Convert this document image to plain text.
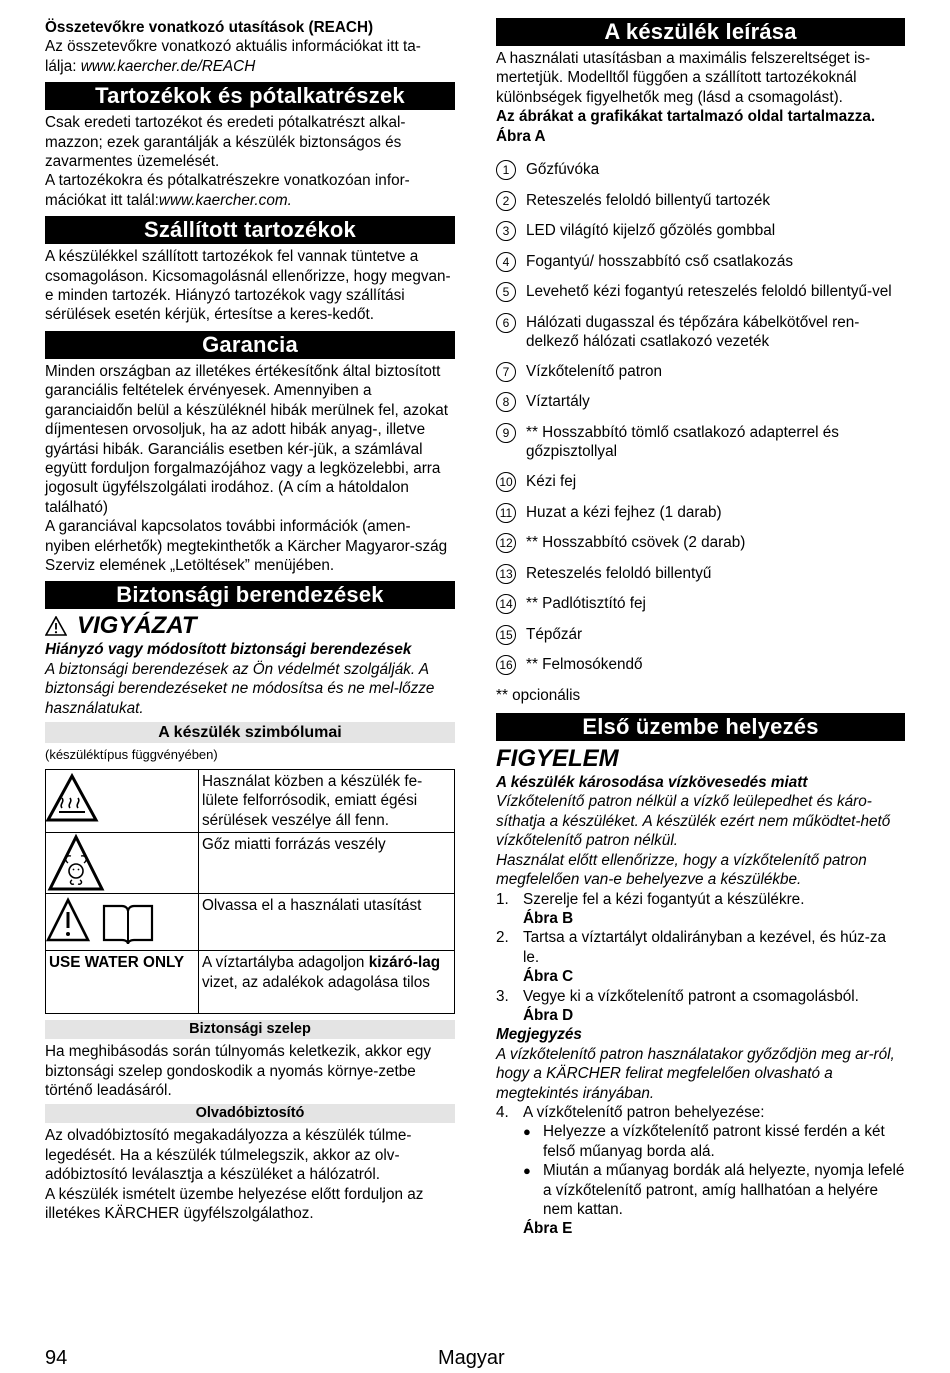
Összetevőkre vonatkozó utasítások (REACH)

Az összetevőkre vonatkozó aktuális információkat itt ta-
lálja: www.kaercher.de/REACH

Tartozékok és pótalkatrészek

Csak eredeti tartozékot és eredeti pótalkatrészt alkal-mazzon; ezek garantálják a készülék biztonságos és zavarmentes üzemelését.

A tartozékokra és pótalkatrészekre vonatkozóan infor-mációkat itt talál:www.kaercher.com.

Szállított tartozékok

A készülékkel szállított tartozékok fel vannak tüntetve a csomagoláson. Kicsomagolásnál ellenőrizze, hogy megvan-e minden tartozék. Hiányzó tartozékok vagy szállítási sérülések esetén kérjük, értesítse a keres-kedőt.

Garancia

Minden országban az illetékes értékesítőnk által biztosított garanciális feltételek érvényesek. Amennyiben a garanciaidőn belül a készüléknél hibák merülnek fel, azokat díjmentesen orvosoljuk, ha az adott hibák anyag-, illetve gyártási hibák. Garanciális esetben kér-jük, a számlával együtt forduljon forgalmazójához vagy a legközelebbi, arra jogosult ügyfélszolgálati irodához. (A cím a hátoldalon található)

A garanciával kapcsolatos további információk (amen-nyiben elérhetők) megtekinthetők a Kärcher Magyaror-szág Szerviz elemének „Letöltések” menüjében.

Biztonsági berendezések
VIGYÁZAT

Hiányzó vagy módosított biztonsági berendezések

A biztonsági berendezések az Ön védelmét szolgálják. A biztonsági berendezéseket ne módosítsa és ne mel-lőzze használatukat.

A készülék szimbólumai

(készüléktípus függvényében)

	Használat közben a készülék fe-lülete felforrósodik, emiatt égési sérülések veszélye áll fenn.

	Gőz miatti forrázás veszély

	Olvassa el a használati utasítást
USE WATER ONLY	A víztartályba adagoljon kizáró-lag vizet, az adalékok adagolása tilos
Biztonsági szelep

Ha meghibásodás során túlnyomás keletkezik, akkor egy biztonsági szelep gondoskodik a nyomás környe-zetbe történő leadásáról.

Olvadóbiztosító

Az olvadóbiztosító megakadályozza a készülék túlme-legedését. Ha a készülék túlmelegszik, akkor az olv-adóbiztosító leválasztja a készüléket a hálózatról.

A készülék ismételt üzembe helyezése előtt forduljon az illetékes KÄRCHER ügyfélszolgálathoz.

A készülék leírása

A használati utasításban a maximális felszereltséget is-mertetjük. Modelltől függően a szállított tartozékoknál különbségek figyelhetők meg (lásd a csomagolást).

Az ábrákat a grafikákat tartalmazó oldal tartalmazza.

Ábra A

1	Gőzfúvóka
2	Reteszelés feloldó billentyű tartozék
3	LED világító kijelző gőzölés gombbal
4	Fogantyú/ hosszabbító cső csatlakozás
5	Levehető kézi fogantyú reteszelés feloldó billentyű-vel
6	Hálózati dugasszal és tépőzára kábelkötővel ren-delkező hálózati csatlakozó vezeték
7	Vízkőtelenítő patron
8	Víztartály
9	** Hosszabbító tömlő csatlakozó adapterrel és gőzpisztollyal
10 Kézi fej
11 Huzat a kézi fejhez (1 darab)
12 ** Hosszabbító csövek (2 darab)
13 Reteszelés feloldó billentyű
14 ** Padlótisztító fej
15 Tépőzár
16 ** Felmosókendő

** opcionális

Első üzembe helyezés
FIGYELEM

A készülék károsodása vízkövesedés miatt

Vízkőtelenítő patron nélkül a vízkő leülepedhet és káro-síthatja a készüléket. A készülék ezért nem működtet-hető vízkőtelenítő patron nélkül.

Használat előtt ellenőrizze, hogy a vízkőtelenítő patron megfelelően van-e behelyezve a készülékbe.

1. Szerelje fel a kézi fogantyút a készülékre.
Ábra B
2. Tartsa a víztartályt oldalirányban a kezével, és húz-za le.
Ábra C
3. Vegye ki a vízkőtelenítő patront a csomagolásból.
Ábra D

Megjegyzés

A vízkőtelenítő patron használatakor győződjön meg ar-ról, hogy a KÄRCHER felirat megfelelően olvasható a megtekintés irányában.

4. A vízkőtelenítő patron behelyezése:
● Helyezze a vízkőtelenítő patront kissé ferdén a két felső műanyag borda alá.
● Miután a műanyag bordák alá helyezte, nyomja lefelé a vízkőtelenítő patront, amíg hallhatóan a helyére nem kattan.
Ábra E
94	Magyar
